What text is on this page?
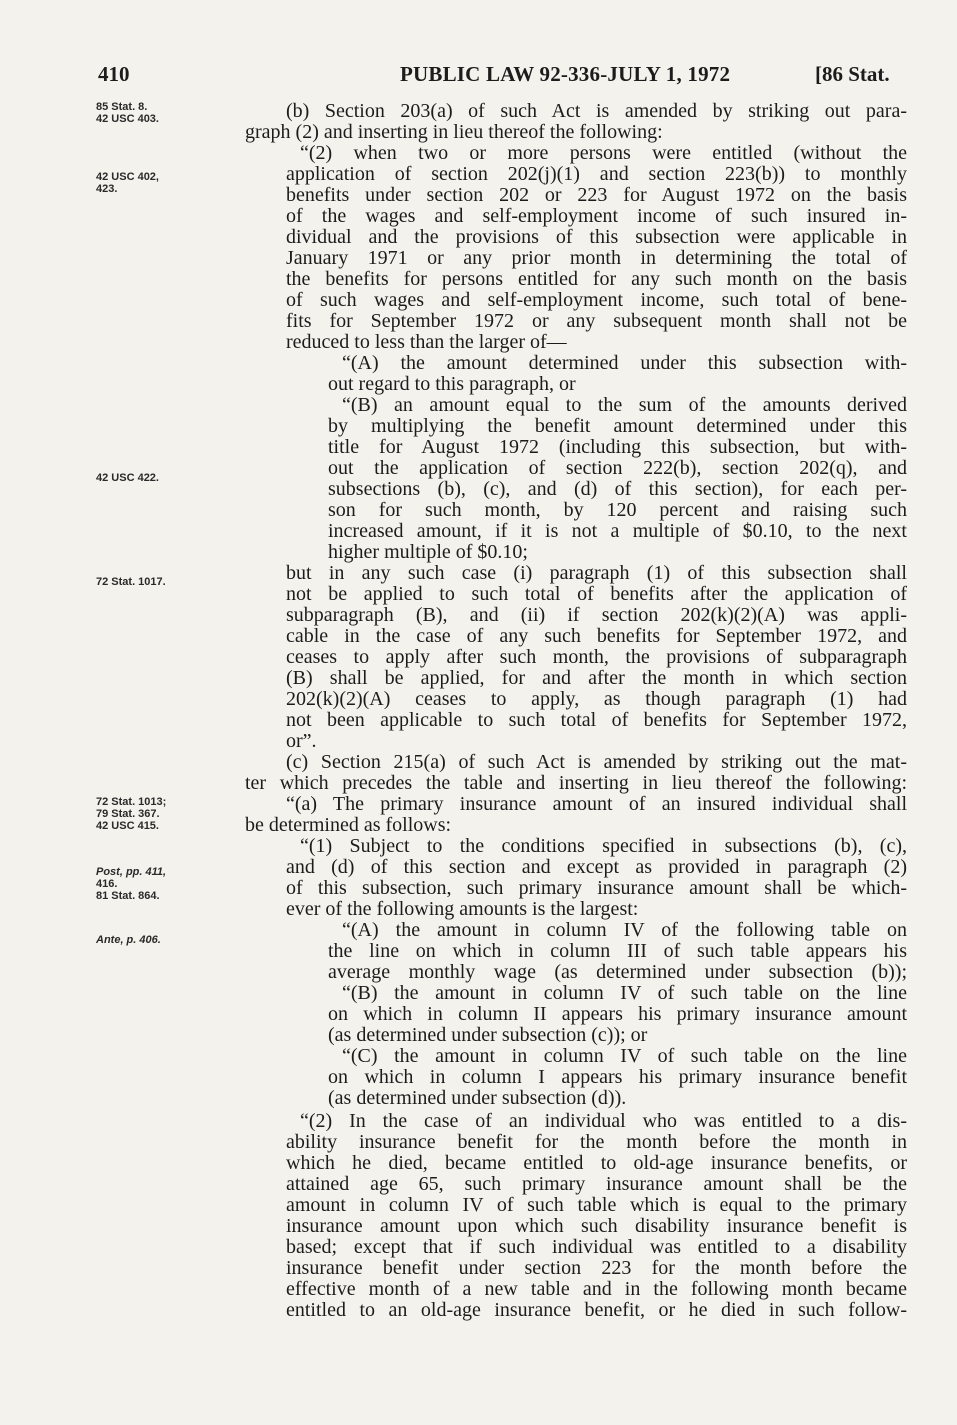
410	PUBLIC LAW 92-336-JULY 1, 1972	[86 Stat.
85 Stat. 8.
42 USC 403.
42 USC 402,
423.
42 USC 422.
72 Stat. 1017.
72 Stat. 1013;
79 Stat. 367.
42 USC 415.
Post, pp. 411,
416.
81 Stat. 864.
Ante, p. 406.
(b) Section 203(a) of such Act is amended by striking out para-
graph (2) and inserting in lieu thereof the following:
“(2) when two or more persons were entitled (without the
application of section 202(j)(1) and section 223(b)) to monthly
benefits under section 202 or 223 for August 1972 on the basis
of the wages and self-employment income of such insured in-
dividual and the provisions of this subsection were applicable in
January 1971 or any prior month in determining the total of
the benefits for persons entitled for any such month on the basis
of such wages and self-employment income, such total of bene-
fits for September 1972 or any subsequent month shall not be
reduced to less than the larger of—
“(A) the amount determined under this subsection with-
out regard to this paragraph, or
“(B) an amount equal to the sum of the amounts derived
by multiplying the benefit amount determined under this
title for August 1972 (including this subsection, but with-
out the application of section 222(b), section 202(q), and
subsections (b), (c), and (d) of this section), for each per-
son for such month, by 120 percent and raising such
increased amount, if it is not a multiple of $0.10, to the next
higher multiple of $0.10;
but in any such case (i) paragraph (1) of this subsection shall
not be applied to such total of benefits after the application of
subparagraph (B), and (ii) if section 202(k)(2)(A) was appli-
cable in the case of any such benefits for September 1972, and
ceases to apply after such month, the provisions of subparagraph
(B) shall be applied, for and after the month in which section
202(k)(2)(A) ceases to apply, as though paragraph (1) had
not been applicable to such total of benefits for September 1972,
or”.
(c) Section 215(a) of such Act is amended by striking out the mat-
ter which precedes the table and inserting in lieu thereof the following:
“(a) The primary insurance amount of an insured individual shall
be determined as follows:
“(1) Subject to the conditions specified in subsections (b), (c),
and (d) of this section and except as provided in paragraph (2)
of this subsection, such primary insurance amount shall be which-
ever of the following amounts is the largest:
“(A) the amount in column IV of the following table on
the line on which in column III of such table appears his
average monthly wage (as determined under subsection (b));
“(B) the amount in column IV of such table on the line
on which in column II appears his primary insurance amount
(as determined under subsection (c)); or
“(C) the amount in column IV of such table on the line
on which in column I appears his primary insurance benefit
(as determined under subsection (d)).
“(2) In the case of an individual who was entitled to a dis-
ability insurance benefit for the month before the month in
which he died, became entitled to old-age insurance benefits, or
attained age 65, such primary insurance amount shall be the
amount in column IV of such table which is equal to the primary
insurance amount upon which such disability insurance benefit is
based; except that if such individual was entitled to a disability
insurance benefit under section 223 for the month before the
effective month of a new table and in the following month became
entitled to an old-age insurance benefit, or he died in such follow-
